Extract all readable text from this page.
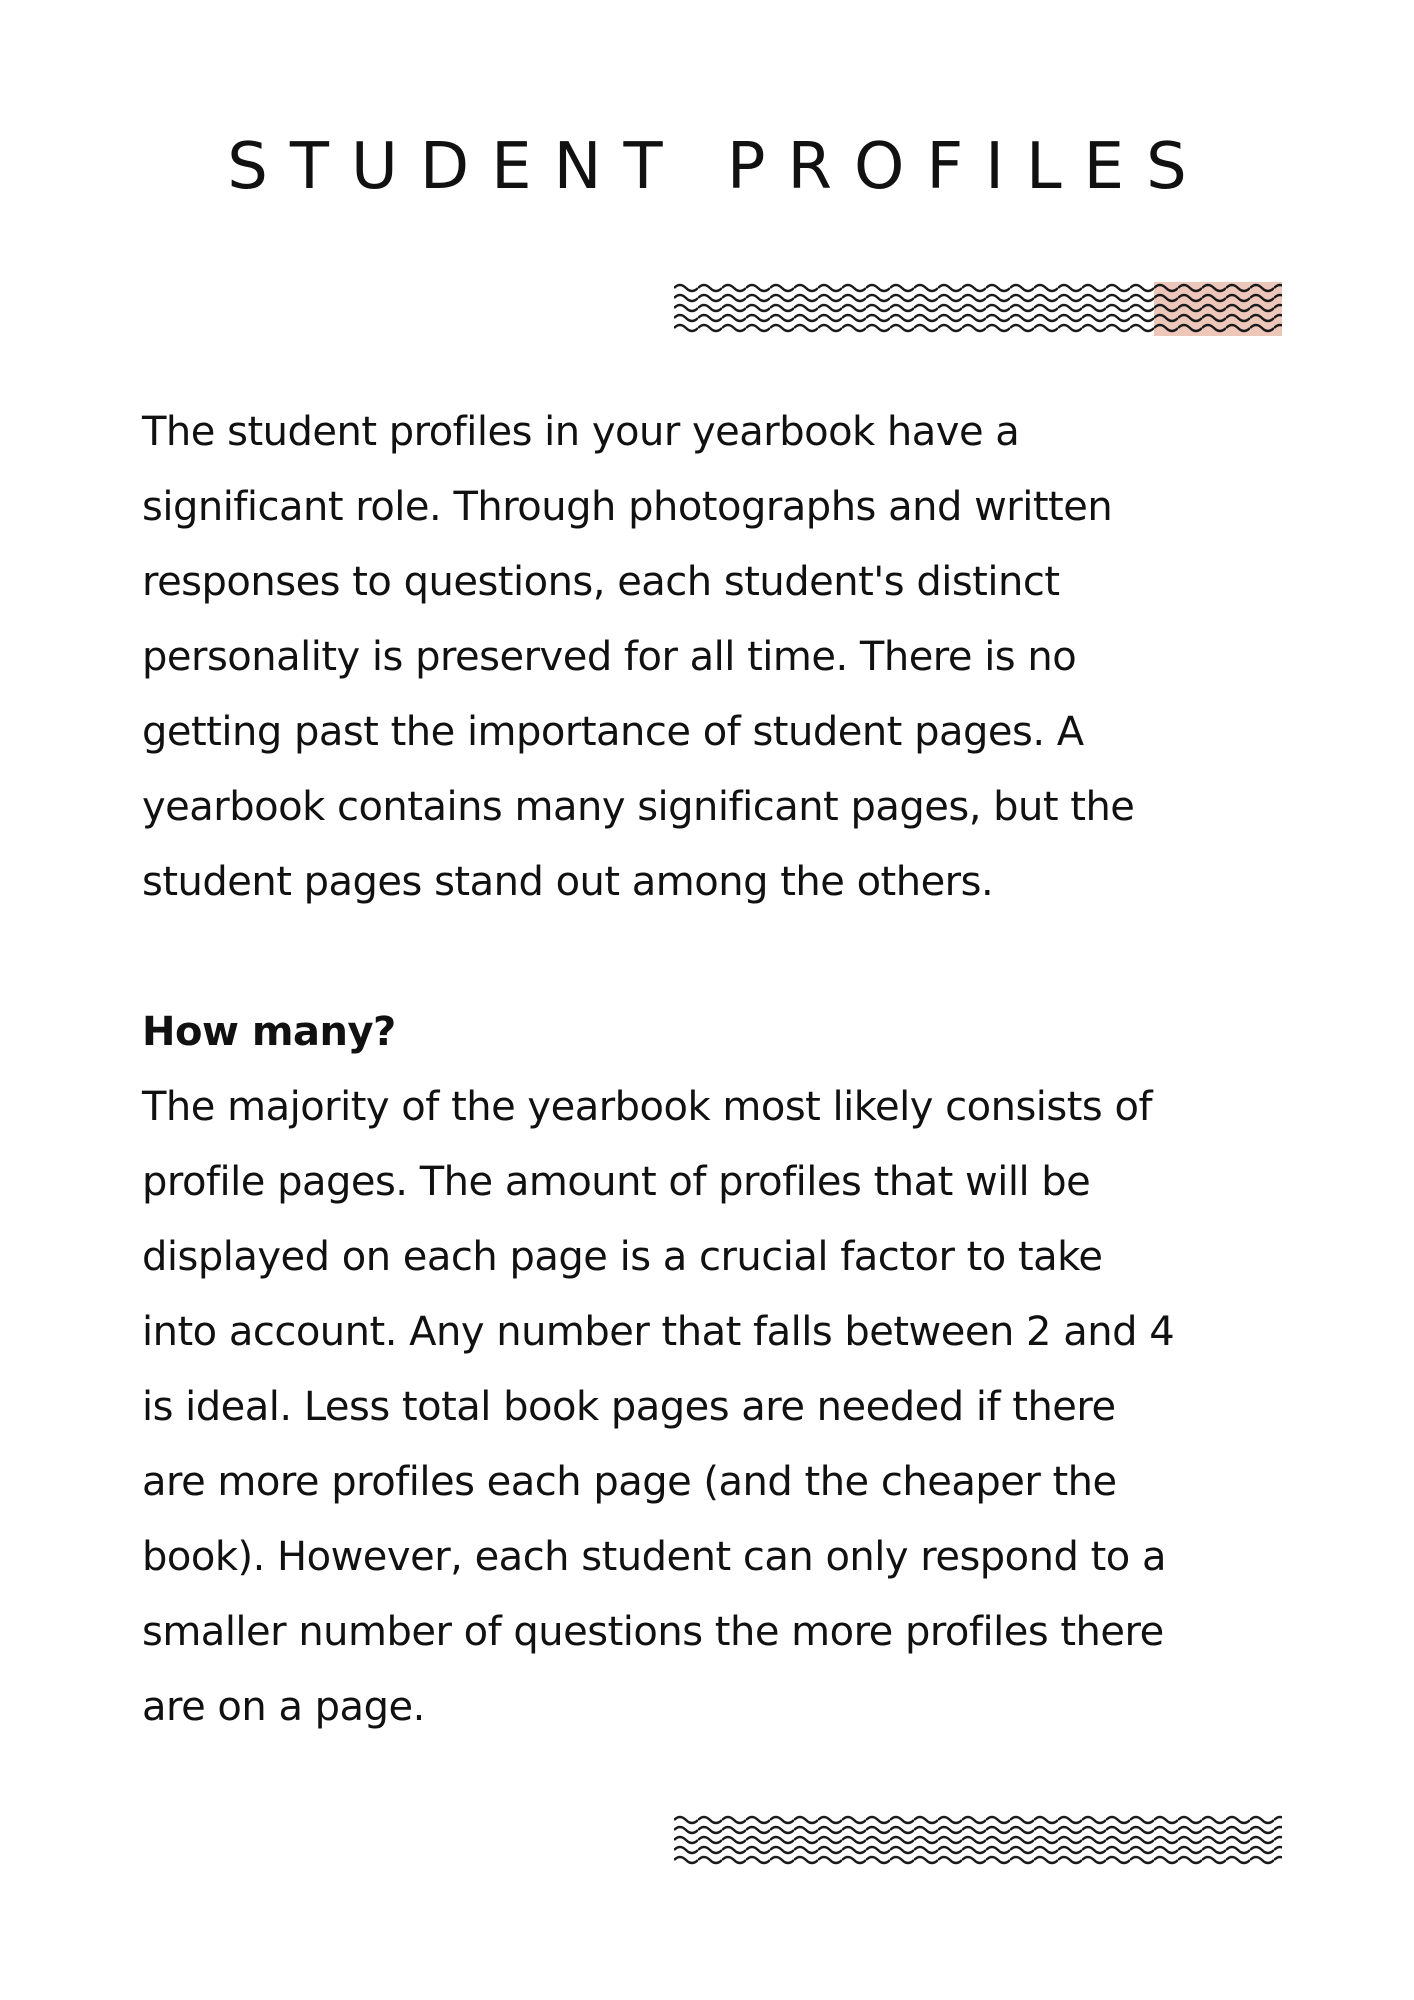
STUDENT PROFILES

The student profiles in your yearbook have a
significant role. Through photographs and written
responses to questions, each student's distinct
personality is preserved for all time. There is no
getting past the importance of student pages. A
yearbook contains many significant pages, but the
student pages stand out among the others.

How many?

The majority of the yearbook most likely consists of
profile pages. The amount of profiles that will be
displayed on each page is a crucial factor to take
into account. Any number that falls between 2 and 4
is ideal. Less total book pages are needed if there
are more profiles each page (and the cheaper the
book). However, each student can only respond to a
smaller number of questions the more profiles there
are on a page.
